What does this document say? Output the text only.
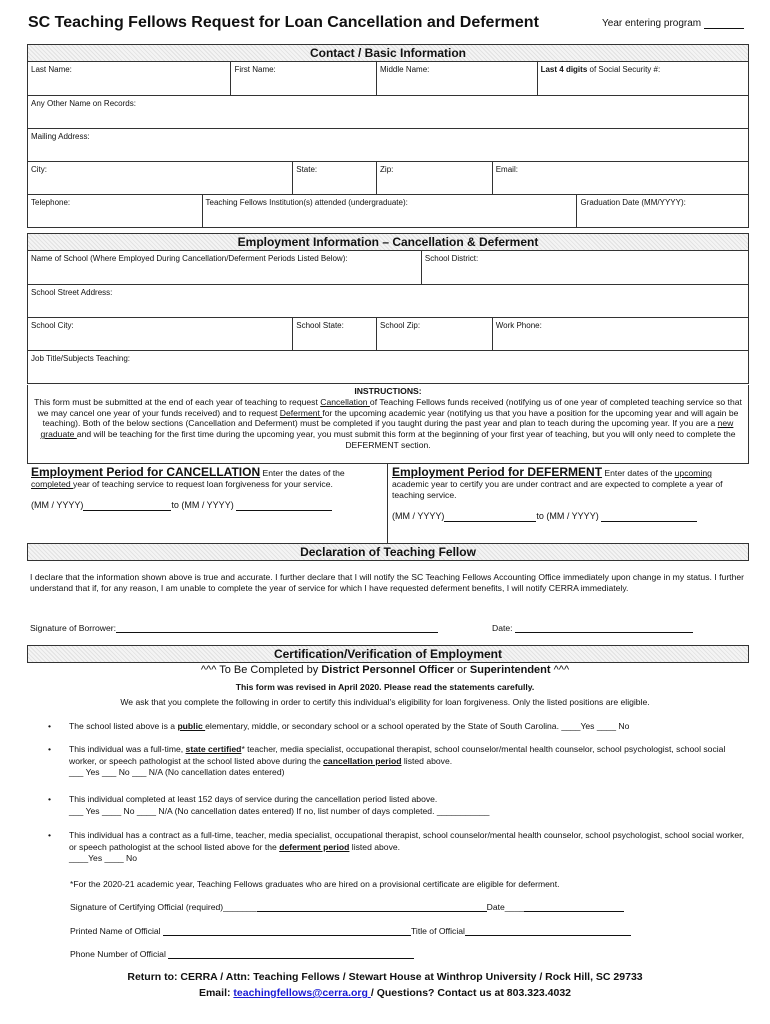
SC Teaching Fellows Request for Loan Cancellation and Deferment	Year entering program
Contact / Basic Information
Last Name:	First Name:	Middle Name:	Last 4 digits of Social Security #:
Any Other Name on Records:
Mailing Address:
City:	State:	Zip:	Email:
Telephone:	Teaching Fellows Institution(s) attended (undergraduate):	Graduation Date (MM/YYYY):
Employment Information – Cancellation & Deferment
Name of School (Where Employed During Cancellation/Deferment Periods Listed Below):	School District:
School Street Address:
School City:	School State:	School Zip:	Work Phone:
Job Title/Subjects Teaching:
INSTRUCTIONS:
This form must be submitted at the end of each year of teaching to request Cancellation of Teaching Fellows funds received (notifying us of one year of completed teaching service so that we may cancel one year of your funds received) and to request Deferment for the upcoming academic year (notifying us that you have a position for the upcoming year and will again be teaching). Both of the below sections (Cancellation and Deferment) must be completed if you taught during the past year and plan to teach during the upcoming year. If you are a new graduate and will be teaching for the first time during the upcoming year, you must submit this form at the beginning of your first year of teaching, but you will only need to complete the DEFERMENT section.
Employment Period for CANCELLATION Enter the dates of the completed year of teaching service to request loan forgiveness for your service.
(MM / YYYY)	to (MM / YYYY)
Employment Period for DEFERMENT Enter dates of the upcoming academic year to certify you are under contract and are expected to complete a year of teaching service.
(MM / YYYY)	to (MM / YYYY)
Declaration of Teaching Fellow
I declare that the information shown above is true and accurate. I further declare that I will notify the SC Teaching Fellows Accounting Office immediately upon change in my status. I further understand that if, for any reason, I am unable to complete the year of service for which I have requested deferment benefits, I will notify CERRA immediately.
Signature of Borrower:	Date:
Certification/Verification of Employment
^^^ To Be Completed by District Personnel Officer or Superintendent ^^^
This form was revised in April 2020. Please read the statements carefully.
We ask that you complete the following in order to certify this individual's eligibility for loan forgiveness. Only the listed positions are eligible.
• The school listed above is a public elementary, middle, or secondary school or a school operated by the State of South Carolina. ____Yes ____ No
• This individual was a full-time, state certified* teacher, media specialist, occupational therapist, school counselor/mental health counselor, school psychologist, school social worker, or speech pathologist at the school listed above during the cancellation period listed above.
___ Yes ___ No ___ N/A (No cancellation dates entered)
• This individual completed at least 152 days of service during the cancellation period listed above.
___ Yes ____ No ____ N/A (No cancellation dates entered) If no, list number of days completed. ___________
• This individual has a contract as a full-time, teacher, media specialist, occupational therapist, school counselor/mental health counselor, school psychologist, school social worker, or speech pathologist at the school listed above for the deferment period listed above.
____Yes ____ No
*For the 2020-21 academic year, Teaching Fellows graduates who are hired on a provisional certificate are eligible for deferment.
Signature of Certifying Official (required)_______	Date____
Printed Name of Official	Title of Official
Phone Number of Official
Return to: CERRA / Attn: Teaching Fellows / Stewart House at Winthrop University / Rock Hill, SC 29733
Email: teachingfellows@cerra.org / Questions? Contact us at 803.323.4032
